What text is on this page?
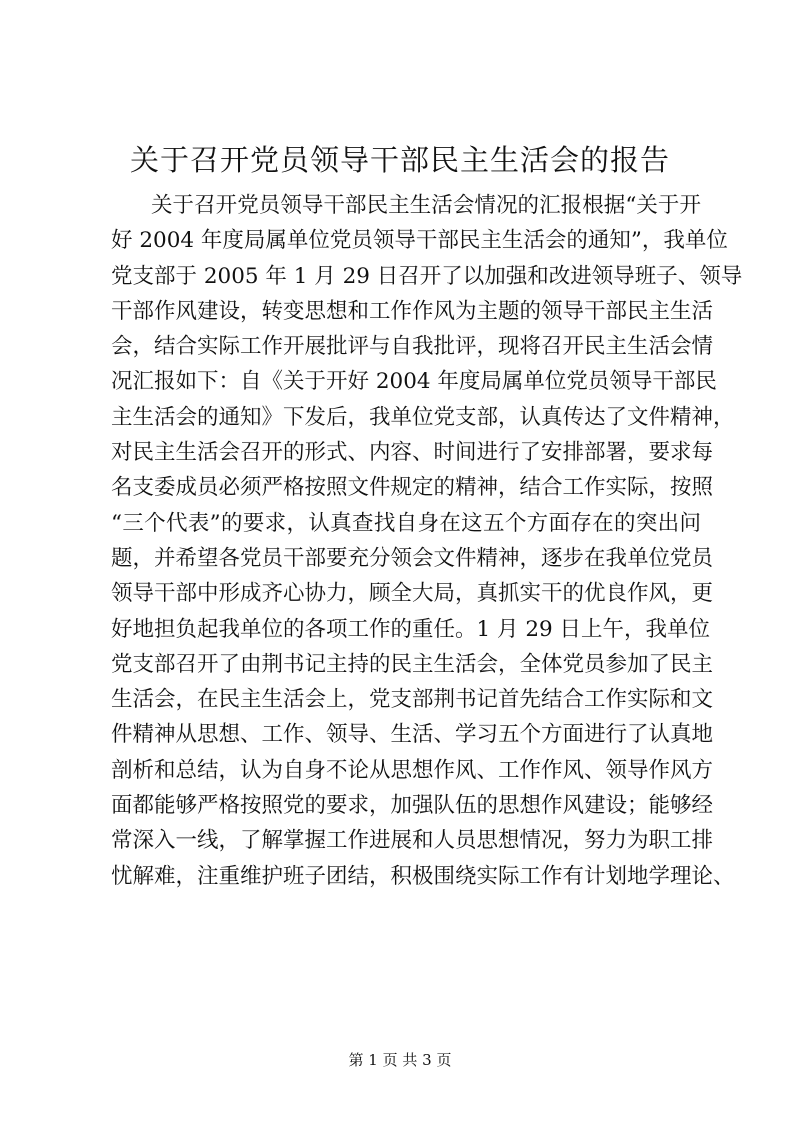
关于召开党员领导干部民主生活会的报告
关于召开党员领导干部民主生活会情况的汇报根据“关于开
好 2004 年度局属单位党员领导干部民主生活会的通知”，我单位
党支部于 2005 年 1 月 29 日召开了以加强和改进领导班子、领导
干部作风建设，转变思想和工作作风为主题的领导干部民主生活
会，结合实际工作开展批评与自我批评，现将召开民主生活会情
况汇报如下：自《关于开好 2004 年度局属单位党员领导干部民
主生活会的通知》下发后，我单位党支部，认真传达了文件精神，
对民主生活会召开的形式、内容、时间进行了安排部署，要求每
名支委成员必须严格按照文件规定的精神，结合工作实际，按照
“三个代表”的要求，认真查找自身在这五个方面存在的突出问
题，并希望各党员干部要充分领会文件精神，逐步在我单位党员
领导干部中形成齐心协力，顾全大局，真抓实干的优良作风，更
好地担负起我单位的各项工作的重任。1 月 29 日上午，我单位
党支部召开了由荆书记主持的民主生活会，全体党员参加了民主
生活会，在民主生活会上，党支部荆书记首先结合工作实际和文
件精神从思想、工作、领导、生活、学习五个方面进行了认真地
剖析和总结，认为自身不论从思想作风、工作作风、领导作风方
面都能够严格按照党的要求，加强队伍的思想作风建设；能够经
常深入一线，了解掌握工作进展和人员思想情况，努力为职工排
忧解难，注重维护班子团结，积极围绕实际工作有计划地学理论、
第 1 页 共 3 页
